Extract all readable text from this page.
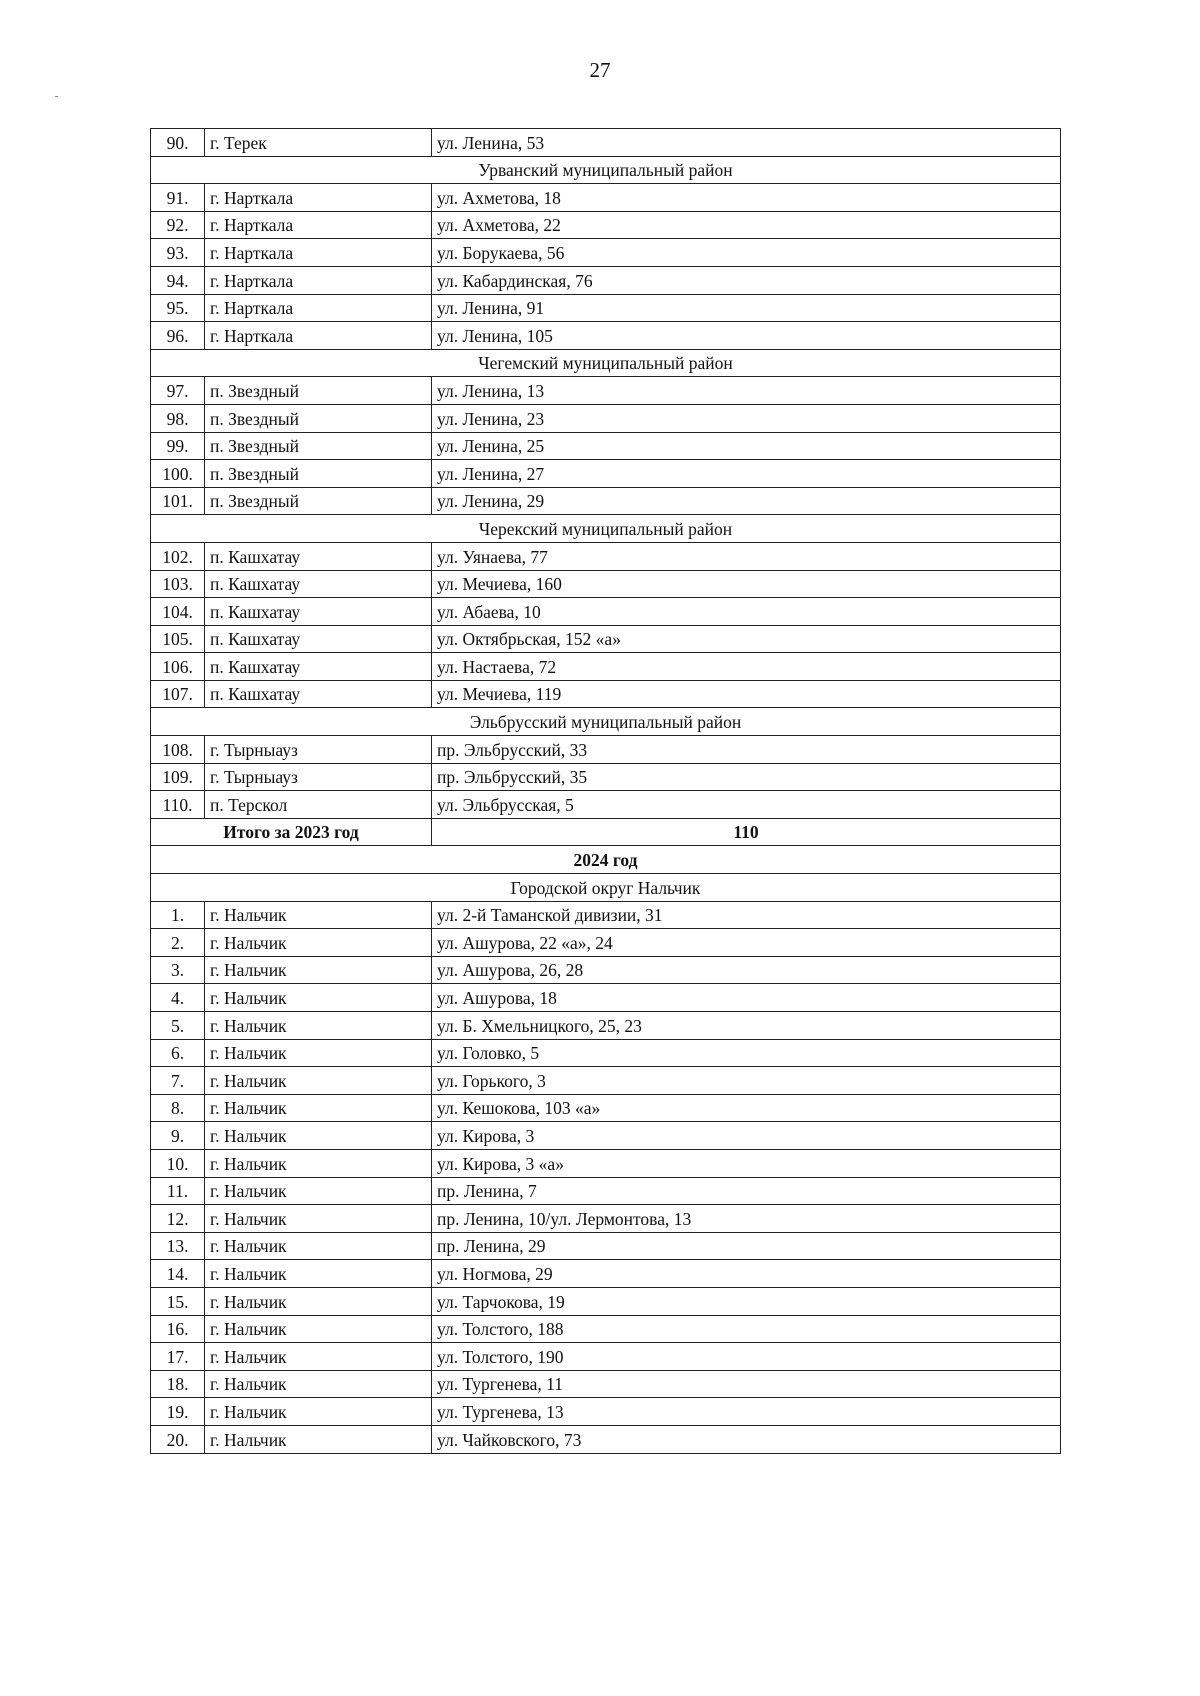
27
90.	г. Терек	ул. Ленина, 53
Урванский муниципальный район		
91.	г. Нарткала	ул. Ахметова, 18
92.	г. Нарткала	ул. Ахметова, 22
93.	г. Нарткала	ул. Борукаева, 56
94.	г. Нарткала	ул. Кабардинская, 76
95.	г. Нарткала	ул. Ленина, 91
96.	г. Нарткала	ул. Ленина, 105
Чегемский муниципальный район		
97.	п. Звездный	ул. Ленина, 13
98.	п. Звездный	ул. Ленина, 23
99.	п. Звездный	ул. Ленина, 25
100.	п. Звездный	ул. Ленина, 27
101.	п. Звездный	ул. Ленина, 29
Черекский муниципальный район		
102.	п. Кашхатау	ул. Уянаева, 77
103.	п. Кашхатау	ул. Мечиева, 160
104.	п. Кашхатау	ул. Абаева, 10
105.	п. Кашхатау	ул. Октябрьская, 152 «а»
106.	п. Кашхатау	ул. Настаева, 72
107.	п. Кашхатау	ул. Мечиева, 119
Эльбрусский муниципальный район		
108.	г. Тырныауз	пр. Эльбрусский, 33
109.	г. Тырныауз	пр. Эльбрусский, 35
110.	п. Терскол	ул. Эльбрусская, 5
Итого за 2023 год		110
2024 год		
Городской округ Нальчик		
1.	г. Нальчик	ул. 2-й Таманской дивизии, 31
2.	г. Нальчик	ул. Ашурова, 22 «а», 24
3.	г. Нальчик	ул. Ашурова, 26, 28
4.	г. Нальчик	ул. Ашурова, 18
5.	г. Нальчик	ул. Б. Хмельницкого, 25, 23
6.	г. Нальчик	ул. Головко, 5
7.	г. Нальчик	ул. Горького, 3
8.	г. Нальчик	ул. Кешокова, 103 «а»
9.	г. Нальчик	ул. Кирова, 3
10.	г. Нальчик	ул. Кирова, 3 «а»
11.	г. Нальчик	пр. Ленина, 7
12.	г. Нальчик	пр. Ленина, 10/ул. Лермонтова, 13
13.	г. Нальчик	пр. Ленина, 29
14.	г. Нальчик	ул. Ногмова, 29
15.	г. Нальчик	ул. Тарчокова, 19
16.	г. Нальчик	ул. Толстого, 188
17.	г. Нальчик	ул. Толстого, 190
18.	г. Нальчик	ул. Тургенева, 11
19.	г. Нальчик	ул. Тургенева, 13
20.	г. Нальчик	ул. Чайковского, 73
